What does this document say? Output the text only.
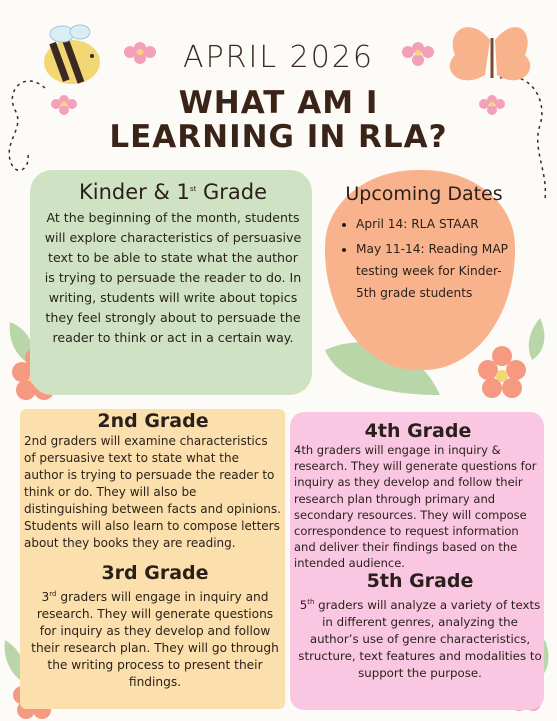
APRIL 2026
WHAT AM I
LEARNING IN RLA?
Kinder & 1st Grade
At the beginning of the month, students will explore characteristics of persuasive text to be able to state what the author is trying to persuade the reader to do. In writing, students will write about topics they feel strongly about to persuade the reader to think or act in a certain way.
Upcoming Dates
• April 14: RLA STAAR
• May 11-14: Reading MAP testing week for Kinder-5th grade students
2nd Grade
2nd graders will examine characteristics of persuasive text to state what the author is trying to persuade the reader to think or do. They will also be distinguishing between facts and opinions. Students will also learn to compose letters about they books they are reading.
3rd Grade
3rd graders will engage in inquiry and research. They will generate questions for inquiry as they develop and follow their research plan. They will go through the writing process to present their findings.
4th Grade
4th graders will engage in inquiry & research. They will generate questions for inquiry as they develop and follow their research plan through primary and secondary resources. They will compose correspondence to request information and deliver their findings based on the intended audience.
5th Grade
5th graders will analyze a variety of texts in different genres, analyzing the author’s use of genre characteristics, structure, text features and modalities to support the purpose.
